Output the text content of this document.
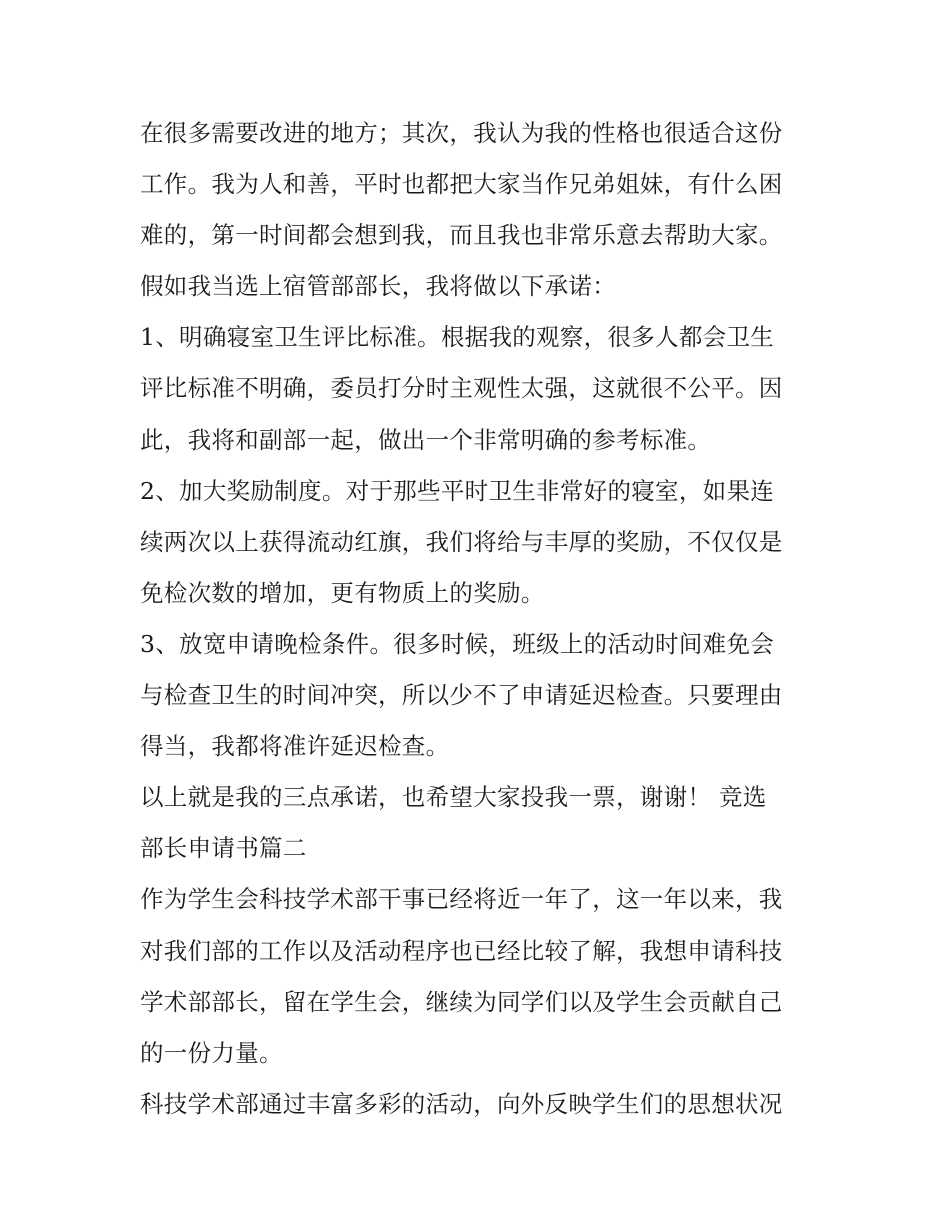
在很多需要改进的地方；其次，我认为我的性格也很适合这份
工作。我为人和善，平时也都把大家当作兄弟姐妹，有什么困
难的，第一时间都会想到我，而且我也非常乐意去帮助大家。
假如我当选上宿管部部长，我将做以下承诺：
1、明确寝室卫生评比标准。根据我的观察，很多人都会卫生
评比标准不明确，委员打分时主观性太强，这就很不公平。因
此，我将和副部一起，做出一个非常明确的参考标准。
2、加大奖励制度。对于那些平时卫生非常好的寝室，如果连
续两次以上获得流动红旗，我们将给与丰厚的奖励，不仅仅是
免检次数的增加，更有物质上的奖励。
3、放宽申请晚检条件。很多时候，班级上的活动时间难免会
与检查卫生的时间冲突，所以少不了申请延迟检查。只要理由
得当，我都将准许延迟检查。
以上就是我的三点承诺，也希望大家投我一票，谢谢！ 竞选
部长申请书篇二
作为学生会科技学术部干事已经将近一年了，这一年以来，我
对我们部的工作以及活动程序也已经比较了解，我想申请科技
学术部部长，留在学生会，继续为同学们以及学生会贡献自己
的一份力量。
科技学术部通过丰富多彩的活动，向外反映学生们的思想状况
